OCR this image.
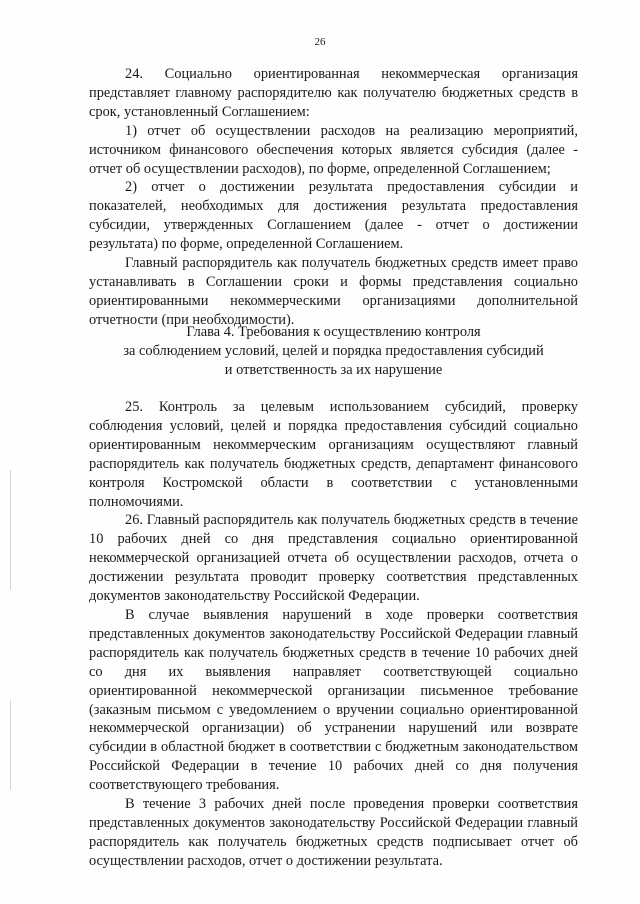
26

24. Социально ориентированная некоммерческая организация представляет главному распорядителю как получателю бюджетных средств в срок, установленный Соглашением:

1) отчет об осуществлении расходов на реализацию мероприятий, источником финансового обеспечения которых является субсидия (далее - отчет об осуществлении расходов), по форме, определенной Соглашением;

2) отчет о достижении результата предоставления субсидии и показателей, необходимых для достижения результата предоставления субсидии, утвержденных Соглашением (далее - отчет о достижении результата) по форме, определенной Соглашением.

Главный распорядитель как получатель бюджетных средств имеет право устанавливать в Соглашении сроки и формы представления социально ориентированными некоммерческими организациями дополнительной отчетности (при необходимости).

Глава 4. Требования к осуществлению контроля
за соблюдением условий, целей и порядка предоставления субсидий
и ответственность за их нарушение

25. Контроль за целевым использованием субсидий, проверку соблюдения условий, целей и порядка предоставления субсидий социально ориентированным некоммерческим организациям осуществляют главный распорядитель как получатель бюджетных средств, департамент финансового контроля Костромской области в соответствии с установленными полномочиями.

26. Главный распорядитель как получатель бюджетных средств в течение 10 рабочих дней со дня представления социально ориентированной некоммерческой организацией отчета об осуществлении расходов, отчета о достижении результата проводит проверку соответствия представленных документов законодательству Российской Федерации.

В случае выявления нарушений в ходе проверки соответствия представленных документов законодательству Российской Федерации главный распорядитель как получатель бюджетных средств в течение 10 рабочих дней со дня их выявления направляет соответствующей социально ориентированной некоммерческой организации письменное требование (заказным письмом с уведомлением о вручении социально ориентированной некоммерческой организации) об устранении нарушений или возврате субсидии в областной бюджет в соответствии с бюджетным законодательством Российской Федерации в течение 10 рабочих дней со дня получения соответствующего требования.

В течение 3 рабочих дней после проведения проверки соответствия представленных документов законодательству Российской Федерации главный распорядитель как получатель бюджетных средств подписывает отчет об осуществлении расходов, отчет о достижении результата.
